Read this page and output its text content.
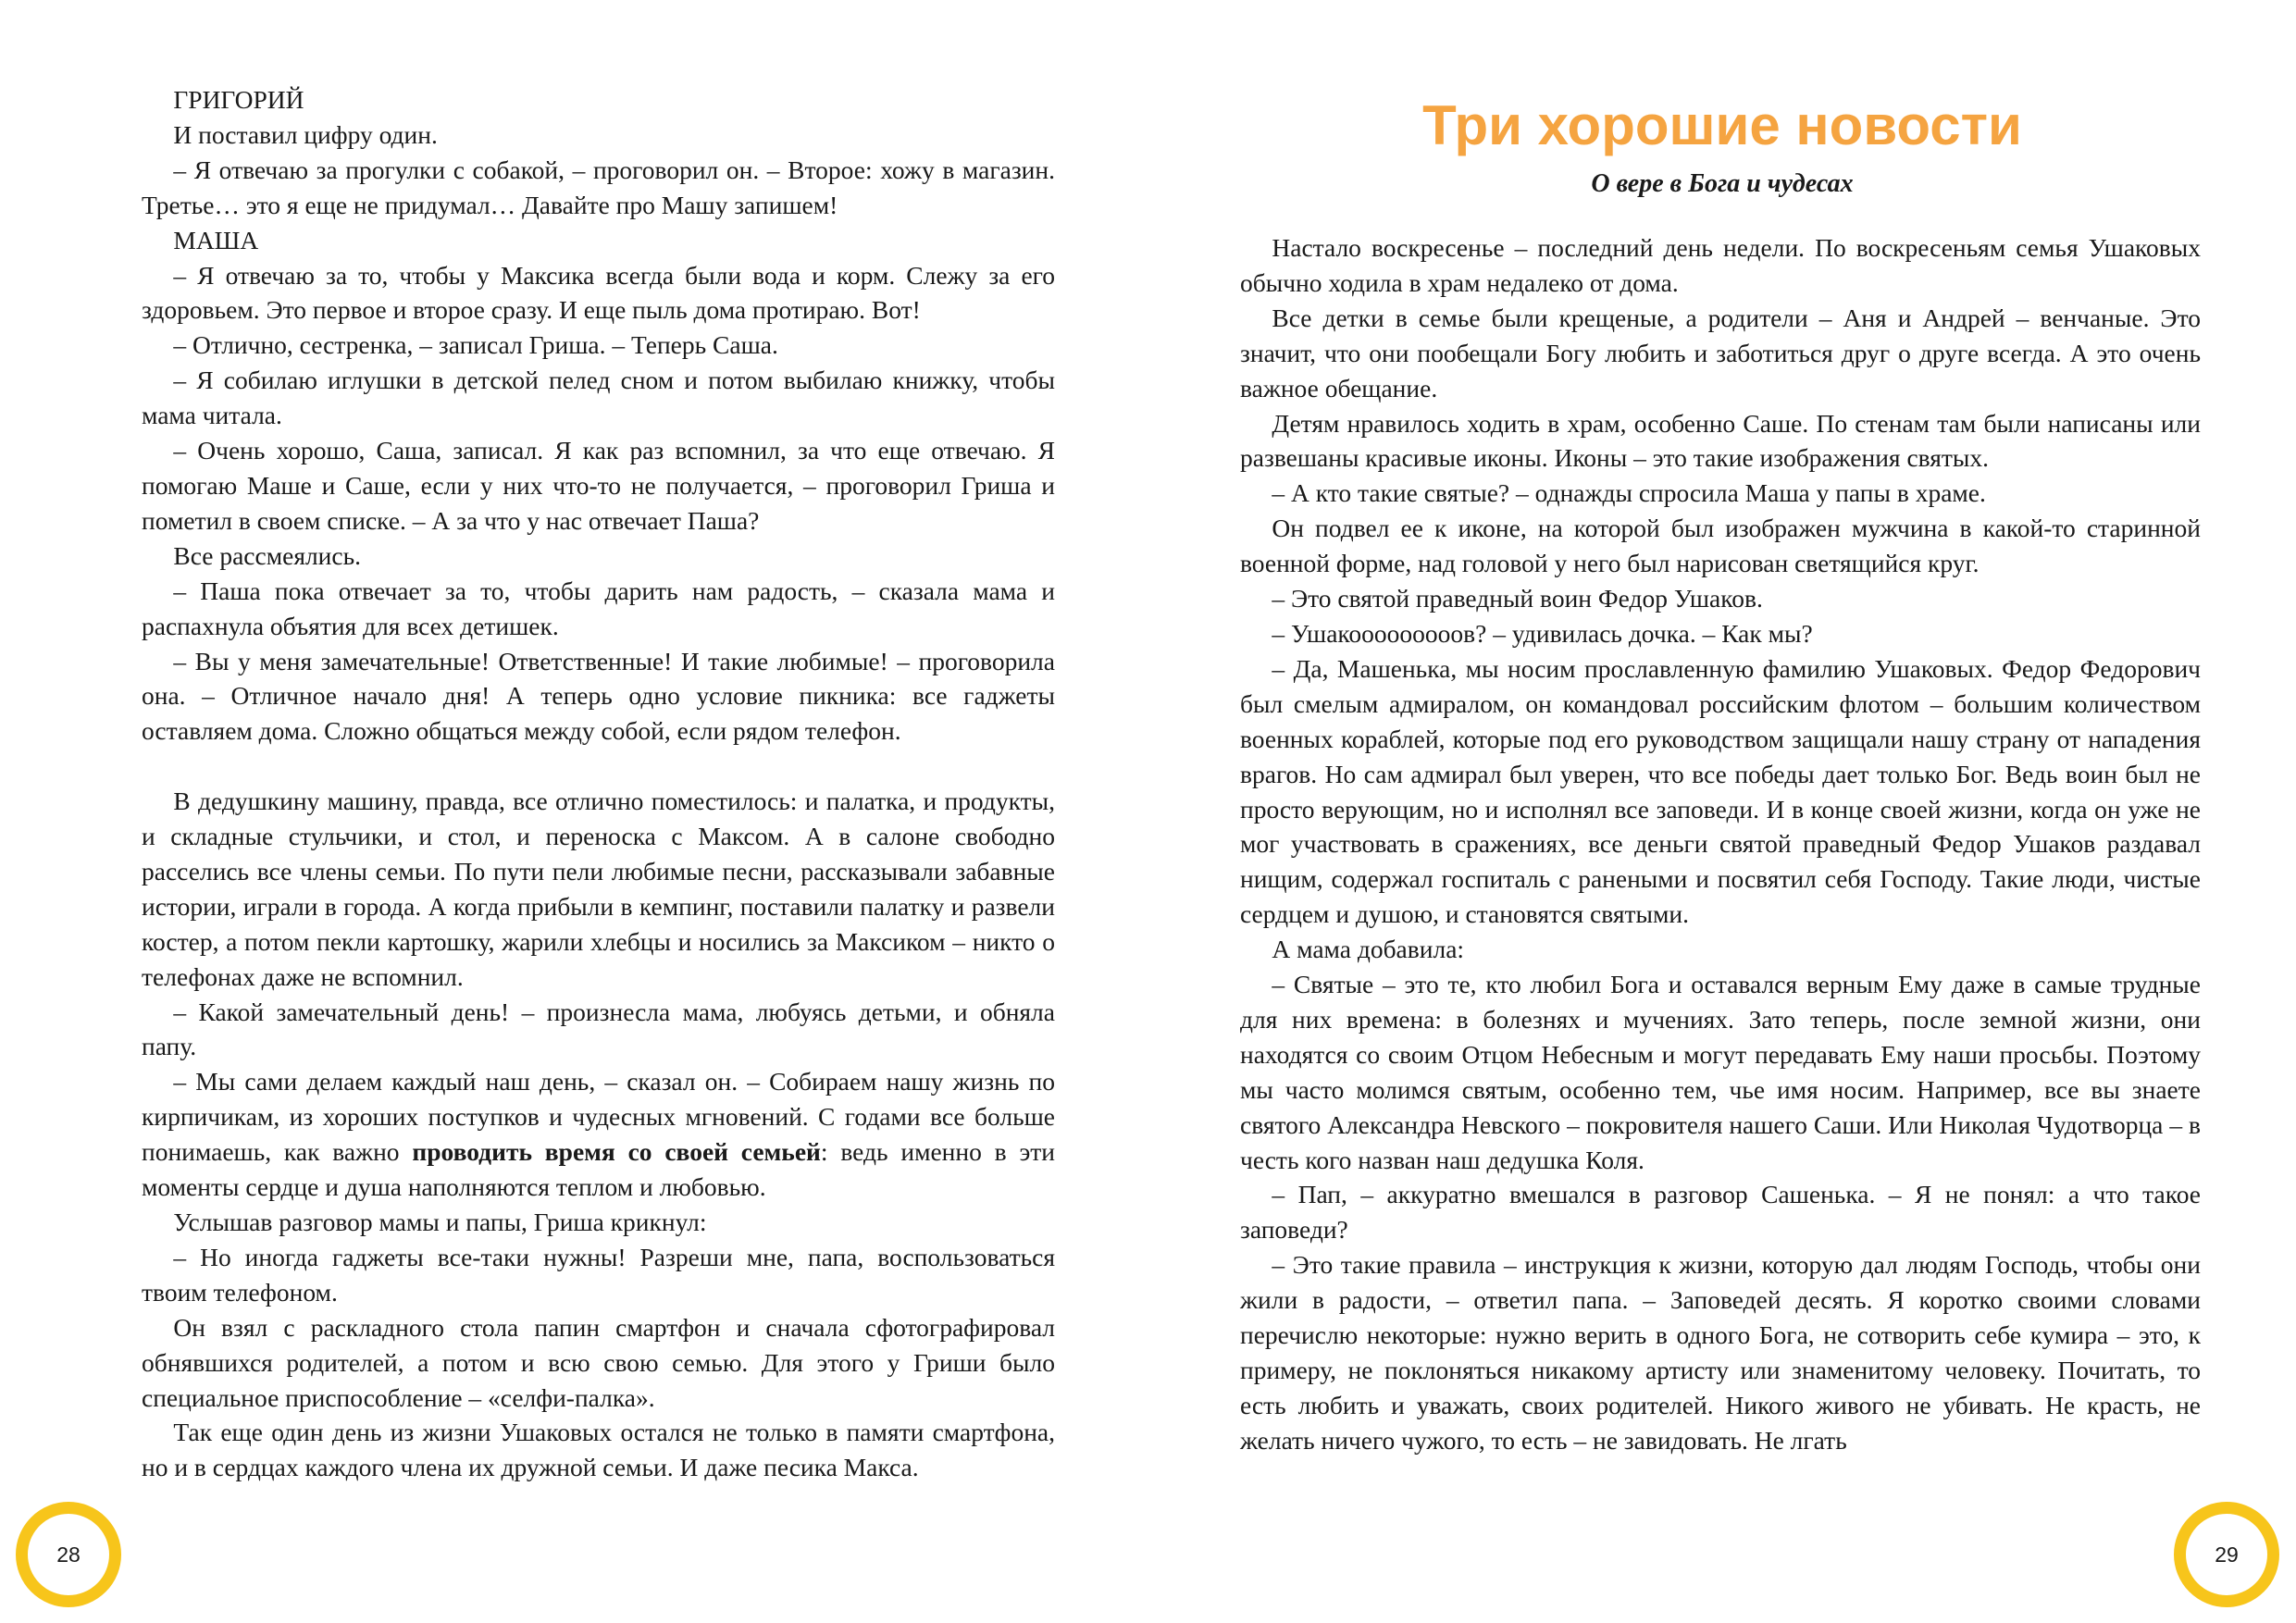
ГРИГОРИЙ

И поставил цифру один.

– Я отвечаю за прогулки с собакой, – проговорил он. – Второе: хожу в магазин. Третье… это я еще не придумал… Давайте про Машу запишем!

МАША

– Я отвечаю за то, чтобы у Максика всегда были вода и корм. Слежу за его здоровьем. Это первое и второе сразу. И еще пыль дома протираю. Вот!

– Отлично, сестренка, – записал Гриша. – Теперь Саша.

– Я собилаю иглушки в детской пелед сном и потом выбилаю книжку, чтобы мама читала.

– Очень хорошо, Саша, записал. Я как раз вспомнил, за что еще отвечаю. Я помогаю Маше и Саше, если у них что-то не получается, – проговорил Гриша и пометил в своем списке. – А за что у нас отвечает Паша?

Все рассмеялись.

– Паша пока отвечает за то, чтобы дарить нам радость, – сказала мама и распахнула объятия для всех детишек.

– Вы у меня замечательные! Ответственные! И такие любимые! – проговорила она. – Отличное начало дня! А теперь одно условие пикника: все гаджеты оставляем дома. Сложно общаться между собой, если рядом телефон.

В дедушкину машину, правда, все отлично поместилось: и палатка, и продукты, и складные стульчики, и стол, и переноска с Максом. А в салоне свободно расселись все члены семьи. По пути пели любимые песни, рассказывали забавные истории, играли в города. А когда прибыли в кемпинг, поставили палатку и развели костер, а потом пекли картошку, жарили хлебцы и носились за Максиком – никто о телефонах даже не вспомнил.

– Какой замечательный день! – произнесла мама, любуясь детьми, и обняла папу.

– Мы сами делаем каждый наш день, – сказал он. – Собираем нашу жизнь по кирпичикам, из хороших поступков и чудесных мгновений. С годами все больше понимаешь, как важно проводить время со своей семьей: ведь именно в эти моменты сердце и душа наполняются теплом и любовью.

Услышав разговор мамы и папы, Гриша крикнул:

– Но иногда гаджеты все-таки нужны! Разреши мне, папа, воспользоваться твоим телефоном.

Он взял с раскладного стола папин смартфон и сначала сфотографировал обнявшихся родителей, а потом и всю свою семью. Для этого у Гриши было специальное приспособление – «селфи-палка».

Так еще один день из жизни Ушаковых остался не только в памяти смартфона, но и в сердцах каждого члена их дружной семьи. И даже песика Макса.

28
Три хорошие новости
О вере в Бога и чудесах

Настало воскресенье – последний день недели. По воскресеньям семья Ушаковых обычно ходила в храм недалеко от дома.

Все детки в семье были крещеные, а родители – Аня и Андрей – венчаные. Это значит, что они пообещали Богу любить и заботиться друг о друге всегда. А это очень важное обещание.

Детям нравилось ходить в храм, особенно Саше. По стенам там были написаны или развешаны красивые иконы. Иконы – это такие изображения святых.

– А кто такие святые? – однажды спросила Маша у папы в храме.

Он подвел ее к иконе, на которой был изображен мужчина в какой-то старинной военной форме, над головой у него был нарисован светящийся круг.

– Это святой праведный воин Федор Ушаков.

– Ушакооооооооов? – удивилась дочка. – Как мы?

– Да, Машенька, мы носим прославленную фамилию Ушаковых. Федор Федорович был смелым адмиралом, он командовал российским флотом – большим количеством военных кораблей, которые под его руководством защищали нашу страну от нападения врагов. Но сам адмирал был уверен, что все победы дает только Бог. Ведь воин был не просто верующим, но и исполнял все заповеди. И в конце своей жизни, когда он уже не мог участвовать в сражениях, все деньги святой праведный Федор Ушаков раздавал нищим, содержал госпиталь с ранеными и посвятил себя Господу. Такие люди, чистые сердцем и душою, и становятся святыми.

А мама добавила:

– Святые – это те, кто любил Бога и оставался верным Ему даже в самые трудные для них времена: в болезнях и мучениях. Зато теперь, после земной жизни, они находятся со своим Отцом Небесным и могут передавать Ему наши просьбы. Поэтому мы часто молимся святым, особенно тем, чье имя носим. Например, все вы знаете святого Александра Невского – покровителя нашего Саши. Или Николая Чудотворца – в честь кого назван наш дедушка Коля.

– Пап, – аккуратно вмешался в разговор Сашенька. – Я не понял: а что такое заповеди?

– Это такие правила – инструкция к жизни, которую дал людям Господь, чтобы они жили в радости, – ответил папа. – Заповедей десять. Я коротко своими словами перечислю некоторые: нужно верить в одного Бога, не сотворить себе кумира – это, к примеру, не поклоняться никакому артисту или знаменитому человеку. Почитать, то есть любить и уважать, своих родителей. Никого живого не убивать. Не красть, не желать ничего чужого, то есть – не завидовать. Не лгать

29
